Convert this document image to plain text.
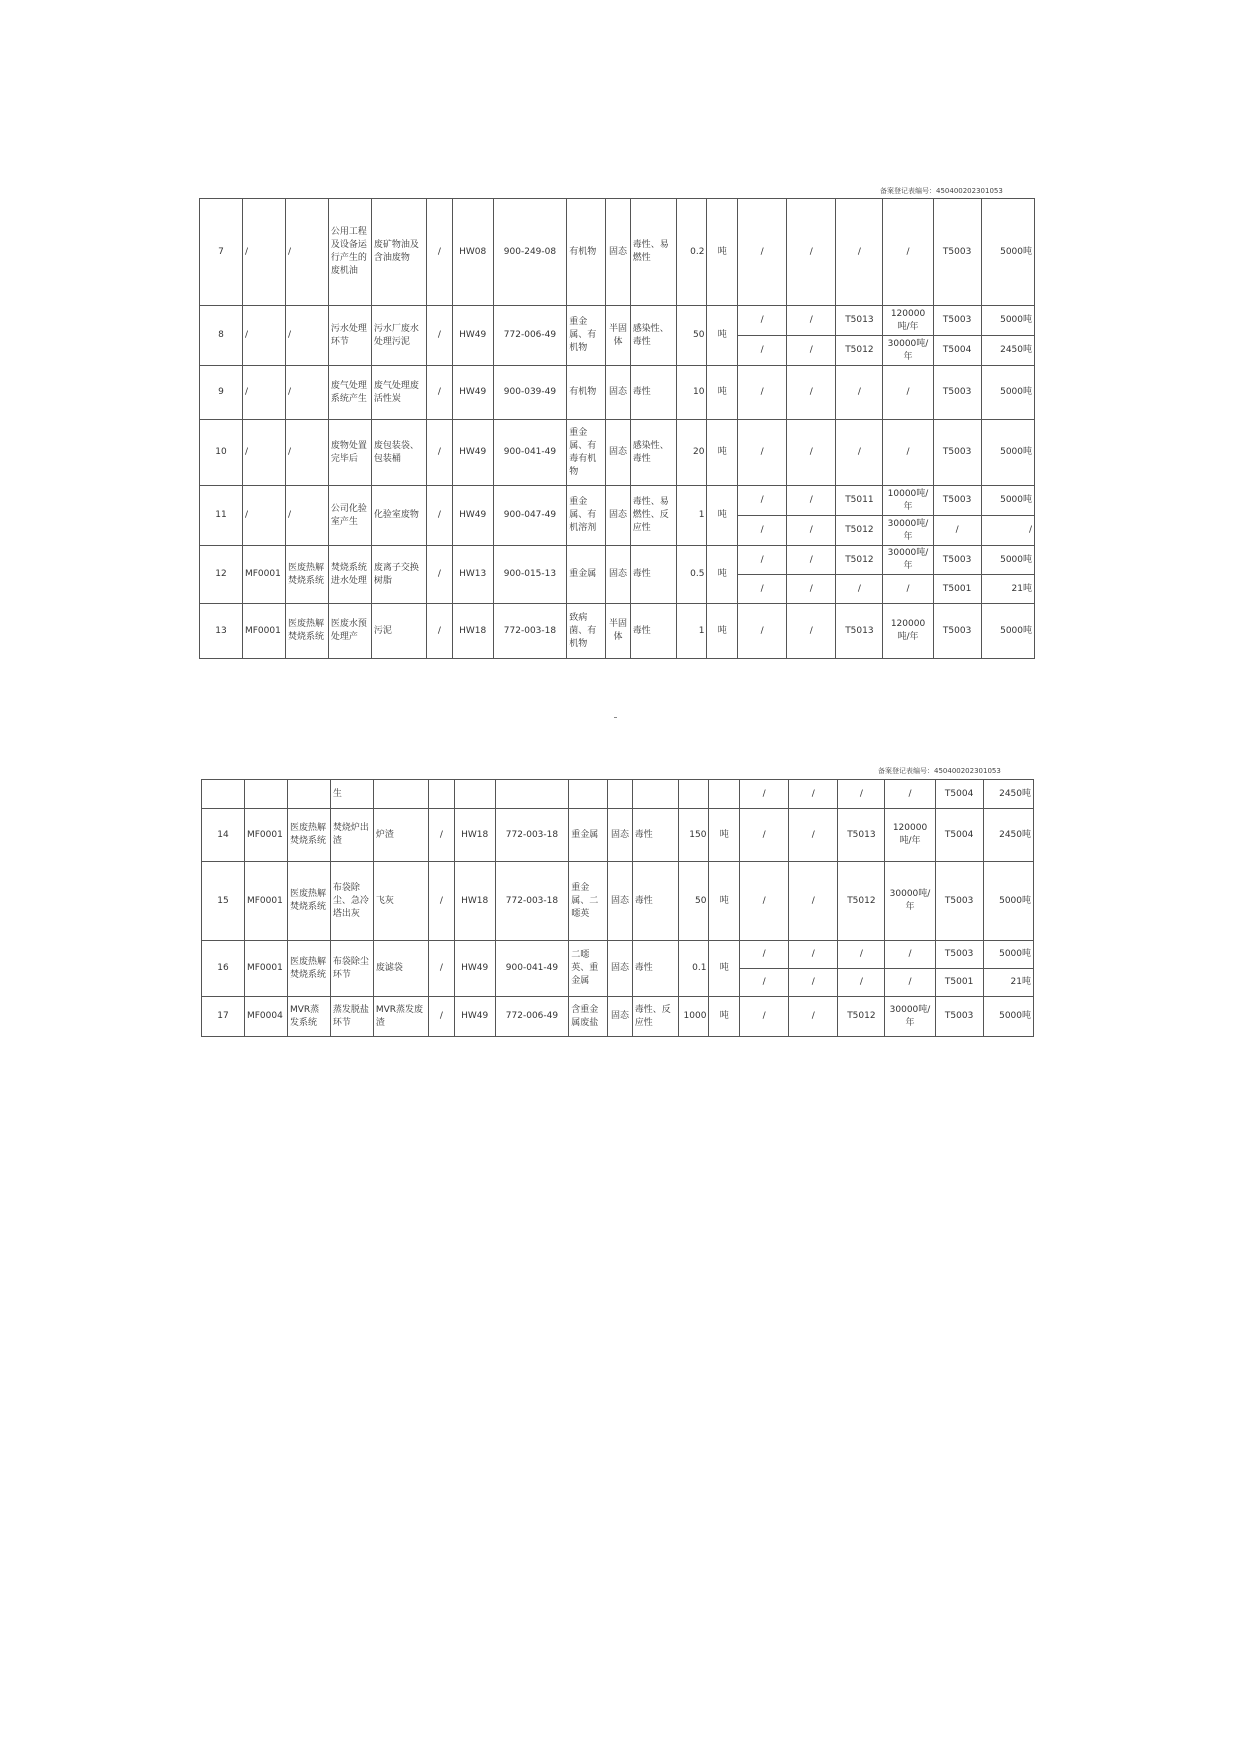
备案登记表编号：450400202301053
7	/	/	公用工程及设备运行产生的废机油	废矿物油及含油废物	/	HW08	900-249-08	有机物	固态	毒性、易燃性	0.2	吨	/	/	/	/	T5003	5000吨
8	/	/	污水处理环节	污水厂废水处理污泥	/	HW49	772-006-49	重金属、有机物	半固体	感染性、毒性	50	吨	/	/	T5013	120000吨/年	T5003	5000吨
													/	/	T5012	30000吨/年	T5004	2450吨
9	/	/	废气处理系统产生	废气处理废活性炭	/	HW49	900-039-49	有机物	固态	毒性	10	吨	/	/	/	/	T5003	5000吨
10	/	/	废物处置完毕后	废包装袋、包装桶	/	HW49	900-041-49	重金属、有毒有机物	固态	感染性、毒性	20	吨	/	/	/	/	T5003	5000吨
11	/	/	公司化验室产生	化验室废物	/	HW49	900-047-49	重金属、有机溶剂	固态	毒性、易燃性、反应性	1	吨	/	/	T5011	10000吨/年	T5003	5000吨
													/	/	T5012	30000吨/年	/	/
12	MF0001	医废热解焚烧系统	焚烧系统进水处理	废离子交换树脂	/	HW13	900-015-13	重金属	固态	毒性	0.5	吨	/	/	T5012	30000吨/年	T5003	5000吨
													/	/	/	/	T5001	21吨
13	MF0001	医废热解焚烧系统	医废水预处理产	污泥	/	HW18	772-003-18	致病菌、有机物	半固体	毒性	1	吨	/	/	T5013	120000吨/年	T5003	5000吨
备案登记表编号：450400202301053
			生										/	/	/	/	T5004	2450吨
14	MF0001	医废热解焚烧系统	焚烧炉出渣	炉渣	/	HW18	772-003-18	重金属	固态	毒性	150	吨	/	/	T5013	120000吨/年	T5004	2450吨
15	MF0001	医废热解焚烧系统	布袋除尘、急冷塔出灰	飞灰	/	HW18	772-003-18	重金属、二噁英	固态	毒性	50	吨	/	/	T5012	30000吨/年	T5003	5000吨
16	MF0001	医废热解焚烧系统	布袋除尘环节	废滤袋	/	HW49	900-041-49	二噁英、重金属	固态	毒性	0.1	吨	/	/	/	/	T5003	5000吨
													/	/	/	/	T5001	21吨
17	MF0004	MVR蒸发系统	蒸发脱盐环节	MVR蒸发废渣	/	HW49	772-006-49	含重金属废盐	固态	毒性、反应性	1000	吨	/	/	T5012	30000吨/年	T5003	5000吨
